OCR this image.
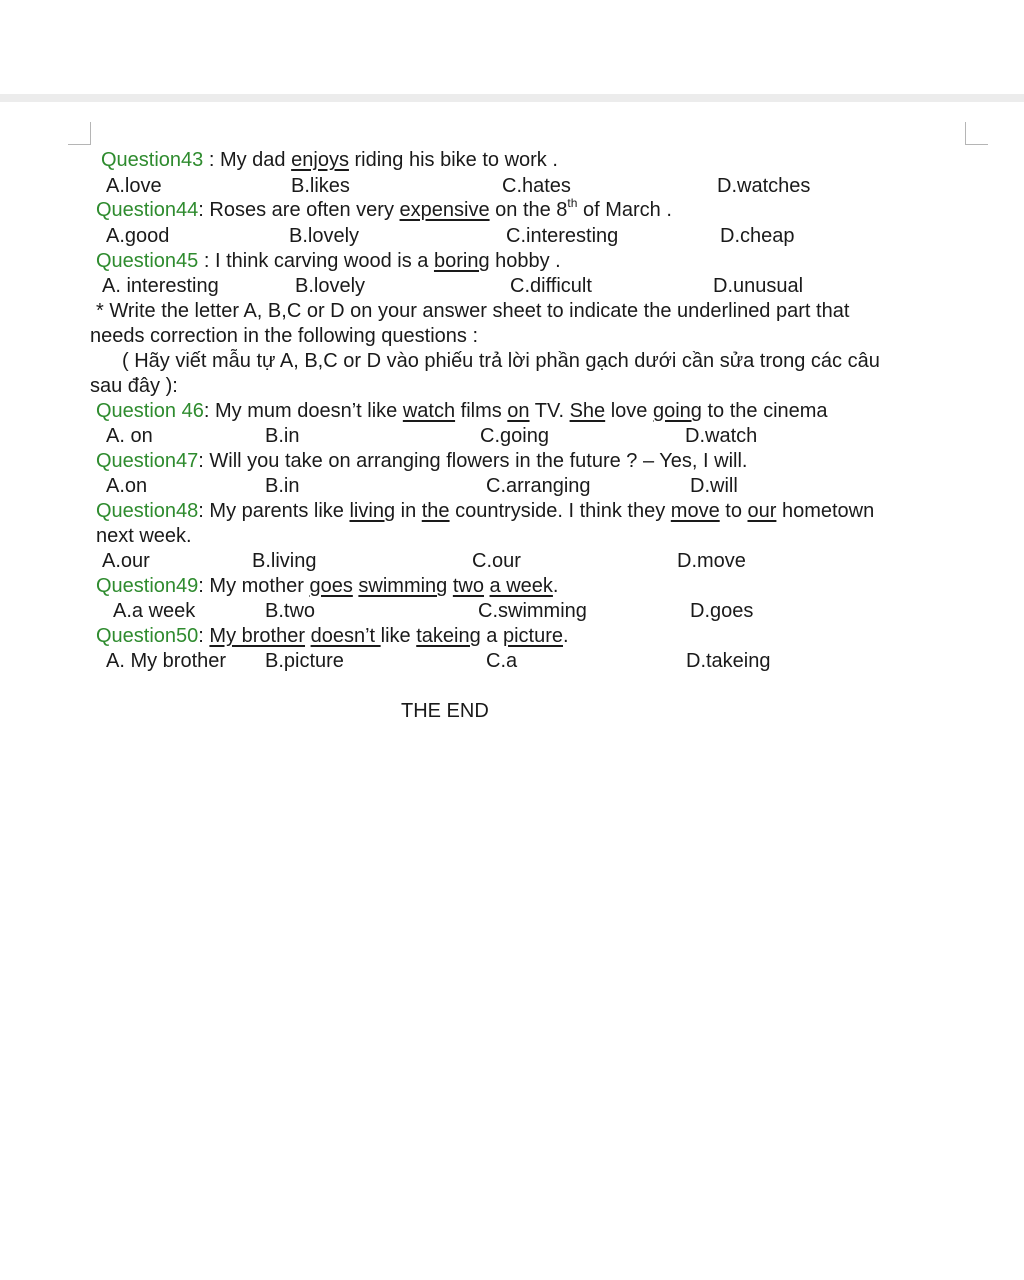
Question43 : My dad enjoys riding his bike to work .
A.love	B.likes	C.hates	D.watches
Question44: Roses are often very expensive on the 8th of March .
A.good	B.lovely	C.interesting	D.cheap
Question45 : I think carving wood is a boring hobby .
A. interesting	B.lovely	C.difficult	D.unusual
* Write the letter A, B,C or D on your answer sheet to indicate the underlined part that
needs correction in the following questions :
( Hãy viết mẫu tự A, B,C or D vào phiếu trả lời phần gạch dưới cần sửa trong các câu
sau đây ):
Question 46: My mum doesn’t like watch films on TV. She love going to the cinema
A. on	B.in	C.going	D.watch
Question47: Will you take on arranging flowers in the future ? – Yes, I will.
A.on	B.in	C.arranging	D.will
Question48: My parents like living in the countryside. I think they move to our hometown
next week.
A.our	B.living	C.our	D.move
Question49: My mother goes swimming two a week.
A.a week	B.two	C.swimming	D.goes
Question50: My brother doesn’t like takeing a picture.
A. My brother B.picture	C.a	D.takeing
THE END
